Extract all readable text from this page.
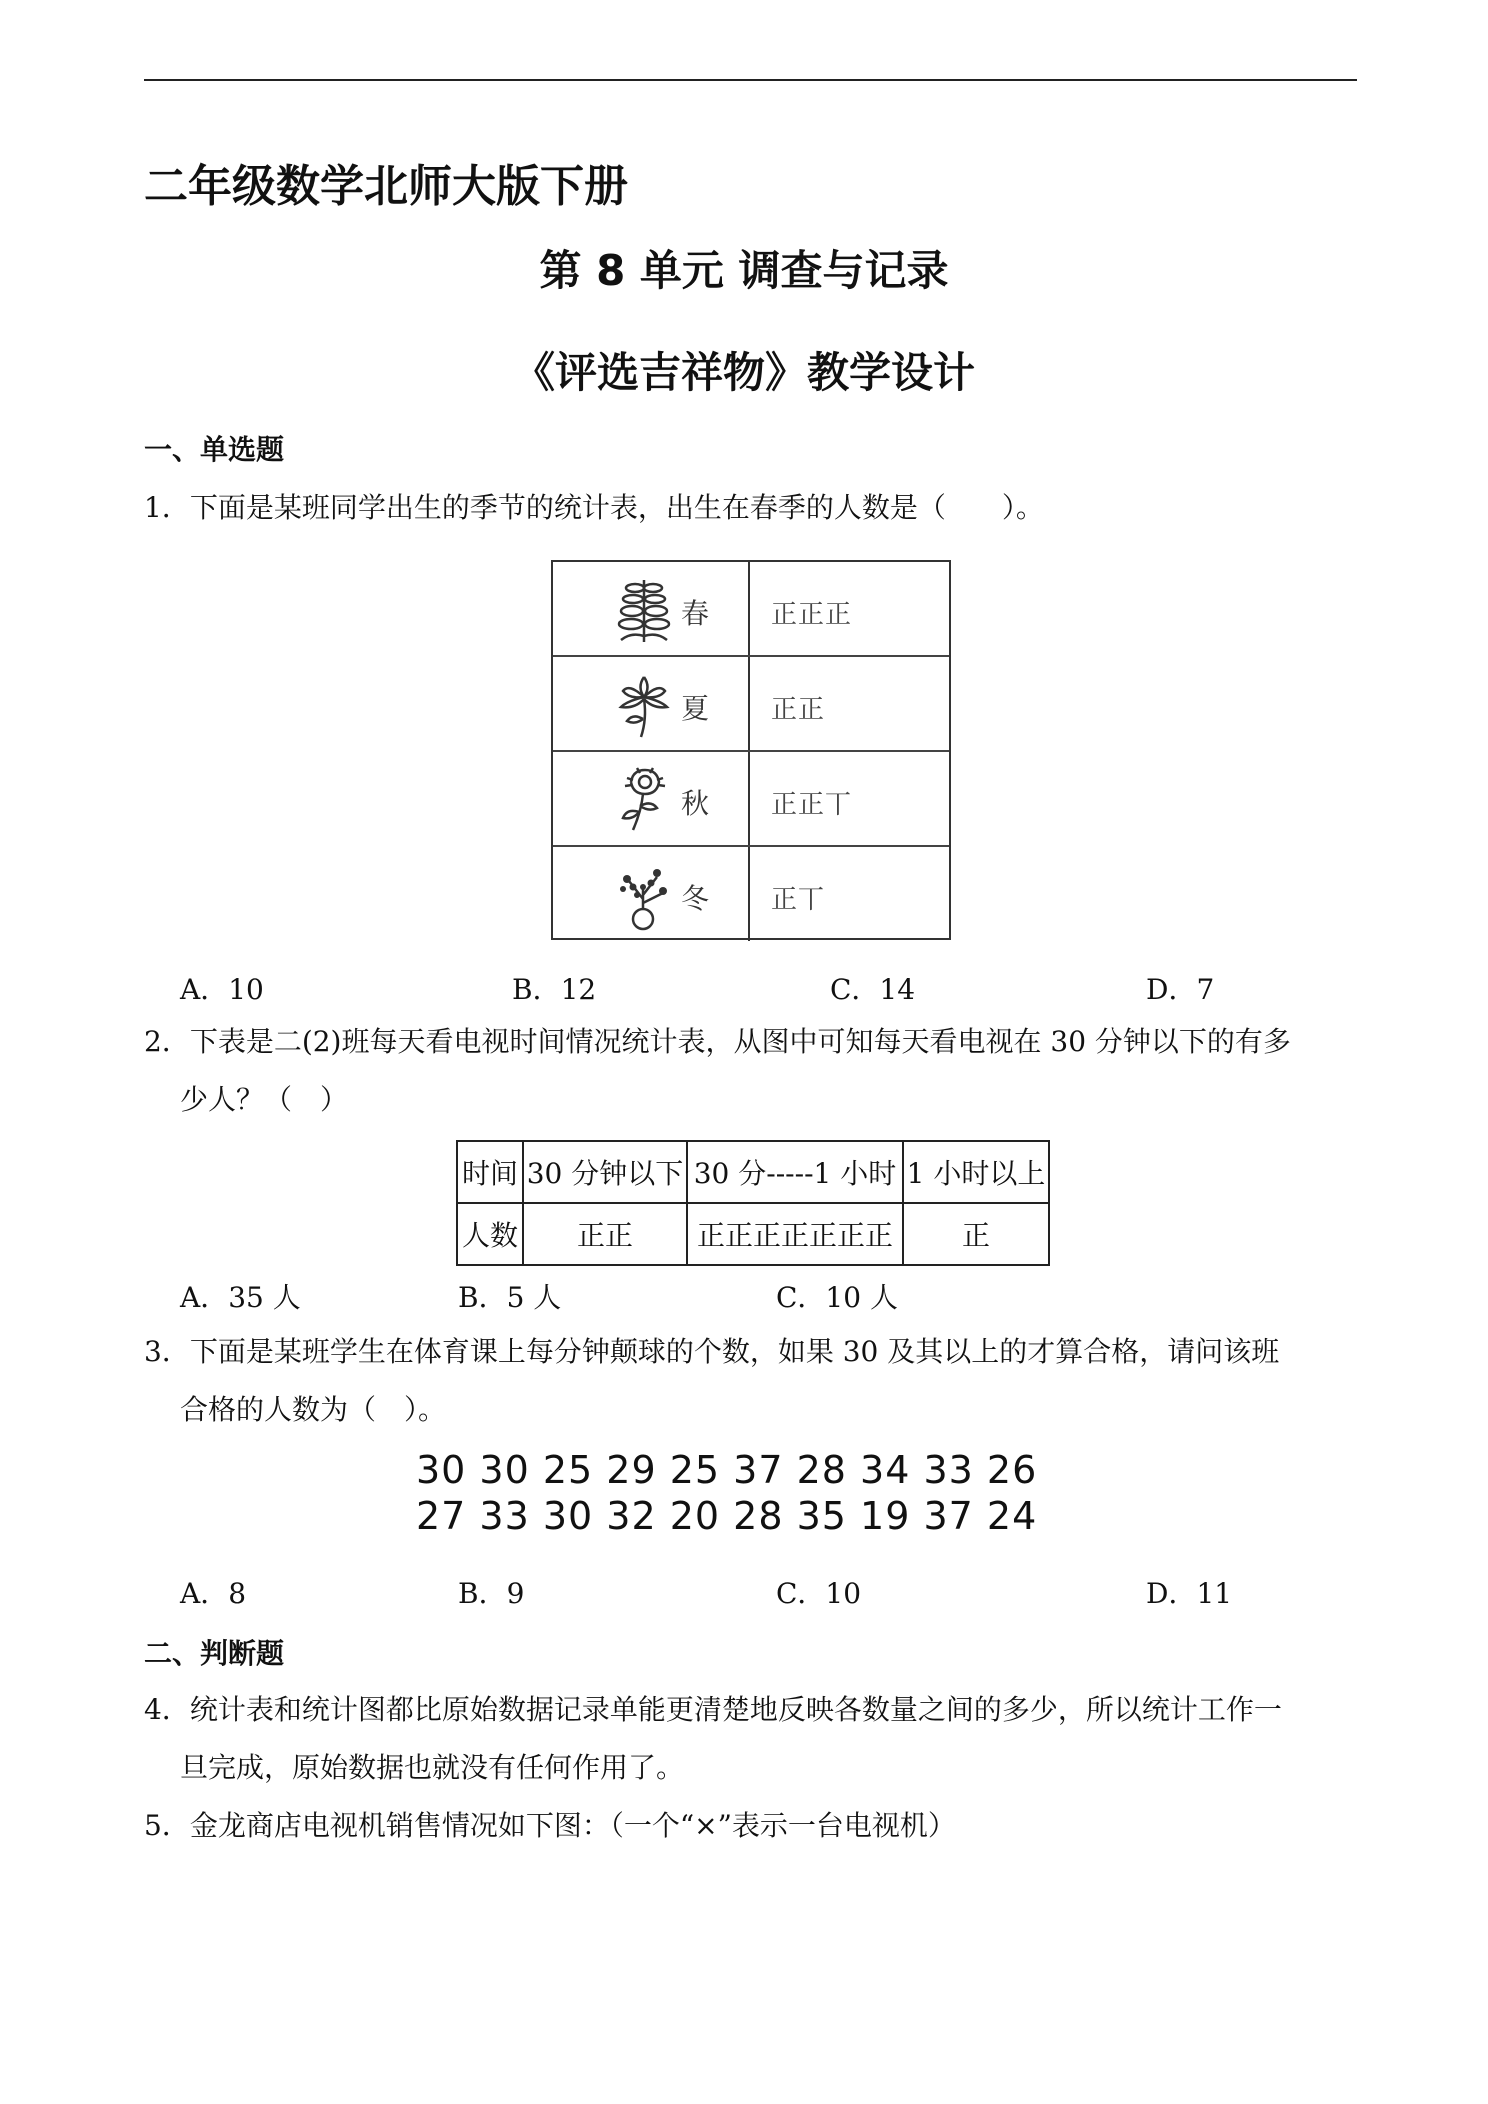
二年级数学北师大版下册
第 8 单元 调查与记录
《评选吉祥物》教学设计
一、单选题
1．下面是某班同学出生的季节的统计表，出生在春季的人数是（　　）。
春 正正正
夏 正正
秋 正正丅
冬 正丅
A．10	B．12	C．14	D．7
2．下表是二(2)班每天看电视时间情况统计表，从图中可知每天看电视在 30 分钟以下的有多
少人？（　）
时间	30 分钟以下	30 分-----1 小时	1 小时以上
人数	正正	正正正正正正正	正
A．35 人	B．5 人	C．10 人
3．下面是某班学生在体育课上每分钟颠球的个数，如果 30 及其以上的才算合格，请问该班
合格的人数为（　）。
30 30 25 29 25 37 28 34 33 26
27 33 30 32 20 28 35 19 37 24
A．8	B．9	C．10	D．11
二、判断题
4．统计表和统计图都比原始数据记录单能更清楚地反映各数量之间的多少，所以统计工作一
旦完成，原始数据也就没有任何作用了。
5．金龙商店电视机销售情况如下图：（一个“×”表示一台电视机）
